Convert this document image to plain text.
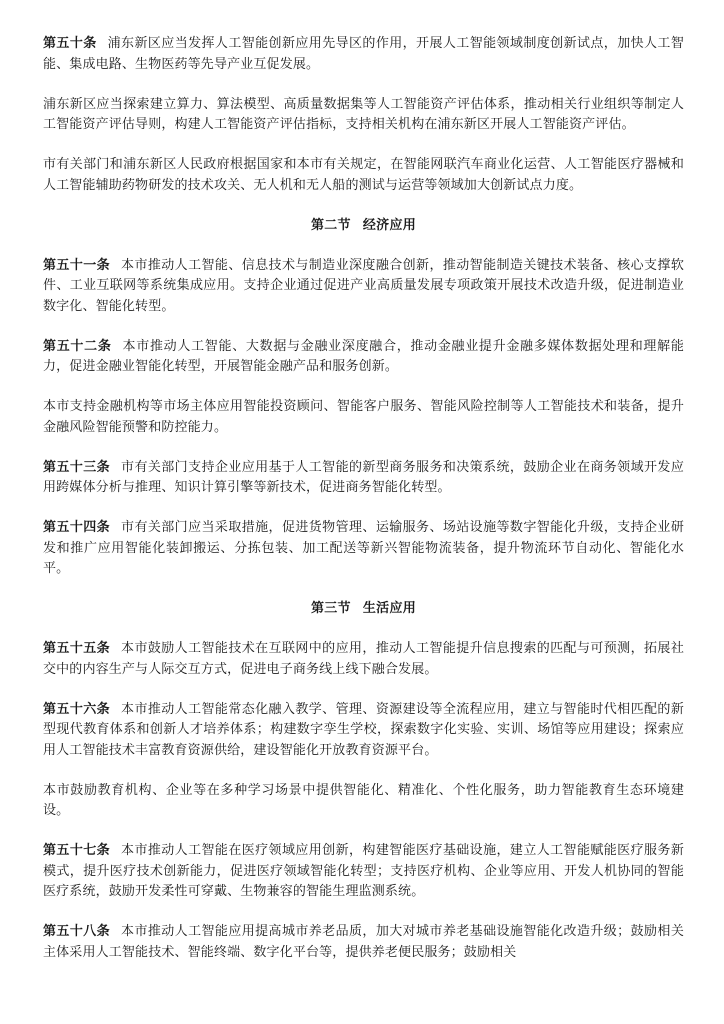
第五十条 浦东新区应当发挥人工智能创新应用先导区的作用，开展人工智能领域制度创新试点，加快人工智能、集成电路、生物医药等先导产业互促发展。

浦东新区应当探索建立算力、算法模型、高质量数据集等人工智能资产评估体系，推动相关行业组织等制定人工智能资产评估导则，构建人工智能资产评估指标，支持相关机构在浦东新区开展人工智能资产评估。

市有关部门和浦东新区人民政府根据国家和本市有关规定，在智能网联汽车商业化运营、人工智能医疗器械和人工智能辅助药物研发的技术攻关、无人机和无人船的测试与运营等领域加大创新试点力度。

第二节 经济应用

第五十一条 本市推动人工智能、信息技术与制造业深度融合创新，推动智能制造关键技术装备、核心支撑软件、工业互联网等系统集成应用。支持企业通过促进产业高质量发展专项政策开展技术改造升级，促进制造业数字化、智能化转型。

第五十二条 本市推动人工智能、大数据与金融业深度融合，推动金融业提升金融多媒体数据处理和理解能力，促进金融业智能化转型，开展智能金融产品和服务创新。

本市支持金融机构等市场主体应用智能投资顾问、智能客户服务、智能风险控制等人工智能技术和装备，提升金融风险智能预警和防控能力。

第五十三条 市有关部门支持企业应用基于人工智能的新型商务服务和决策系统，鼓励企业在商务领域开发应用跨媒体分析与推理、知识计算引擎等新技术，促进商务智能化转型。

第五十四条 市有关部门应当采取措施，促进货物管理、运输服务、场站设施等数字智能化升级，支持企业研发和推广应用智能化装卸搬运、分拣包装、加工配送等新兴智能物流装备，提升物流环节自动化、智能化水平。

第三节 生活应用

第五十五条 本市鼓励人工智能技术在互联网中的应用，推动人工智能提升信息搜索的匹配与可预测，拓展社交中的内容生产与人际交互方式，促进电子商务线上线下融合发展。

第五十六条 本市推动人工智能常态化融入教学、管理、资源建设等全流程应用，建立与智能时代相匹配的新型现代教育体系和创新人才培养体系；构建数字孪生学校，探索数字化实验、实训、场馆等应用建设；探索应用人工智能技术丰富教育资源供给，建设智能化开放教育资源平台。

本市鼓励教育机构、企业等在多种学习场景中提供智能化、精准化、个性化服务，助力智能教育生态环境建设。

第五十七条 本市推动人工智能在医疗领域应用创新，构建智能医疗基础设施，建立人工智能赋能医疗服务新模式，提升医疗技术创新能力，促进医疗领域智能化转型；支持医疗机构、企业等应用、开发人机协同的智能医疗系统，鼓励开发柔性可穿戴、生物兼容的智能生理监测系统。

第五十八条 本市推动人工智能应用提高城市养老品质，加大对城市养老基础设施智能化改造升级；鼓励相关主体采用人工智能技术、智能终端、数字化平台等，提供养老便民服务；鼓励相关
